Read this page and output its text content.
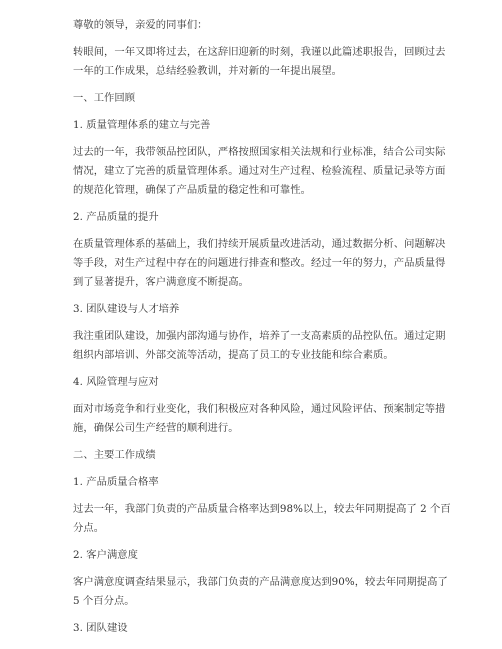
尊敬的领导，亲爱的同事们：
转眼间，一年又即将过去，在这辞旧迎新的时刻，我谨以此篇述职报告，回顾过去
一年的工作成果，总结经验教训，并对新的一年提出展望。
一、工作回顾
1. 质量管理体系的建立与完善
过去的一年，我带领品控团队，严格按照国家相关法规和行业标准，结合公司实际
情况，建立了完善的质量管理体系。通过对生产过程、检验流程、质量记录等方面
的规范化管理，确保了产品质量的稳定性和可靠性。
2. 产品质量的提升
在质量管理体系的基础上，我们持续开展质量改进活动，通过数据分析、问题解决
等手段，对生产过程中存在的问题进行排查和整改。经过一年的努力，产品质量得
到了显著提升，客户满意度不断提高。
3. 团队建设与人才培养
我注重团队建设，加强内部沟通与协作，培养了一支高素质的品控队伍。通过定期
组织内部培训、外部交流等活动，提高了员工的专业技能和综合素质。
4. 风险管理与应对
面对市场竞争和行业变化，我们积极应对各种风险，通过风险评估、预案制定等措
施，确保公司生产经营的顺利进行。
二、主要工作成绩
1. 产品质量合格率
过去一年，我部门负责的产品质量合格率达到98%以上，较去年同期提高了 2 个百
分点。
2. 客户满意度
客户满意度调查结果显示，我部门负责的产品满意度达到90%，较去年同期提高了
5 个百分点。
3. 团队建设
